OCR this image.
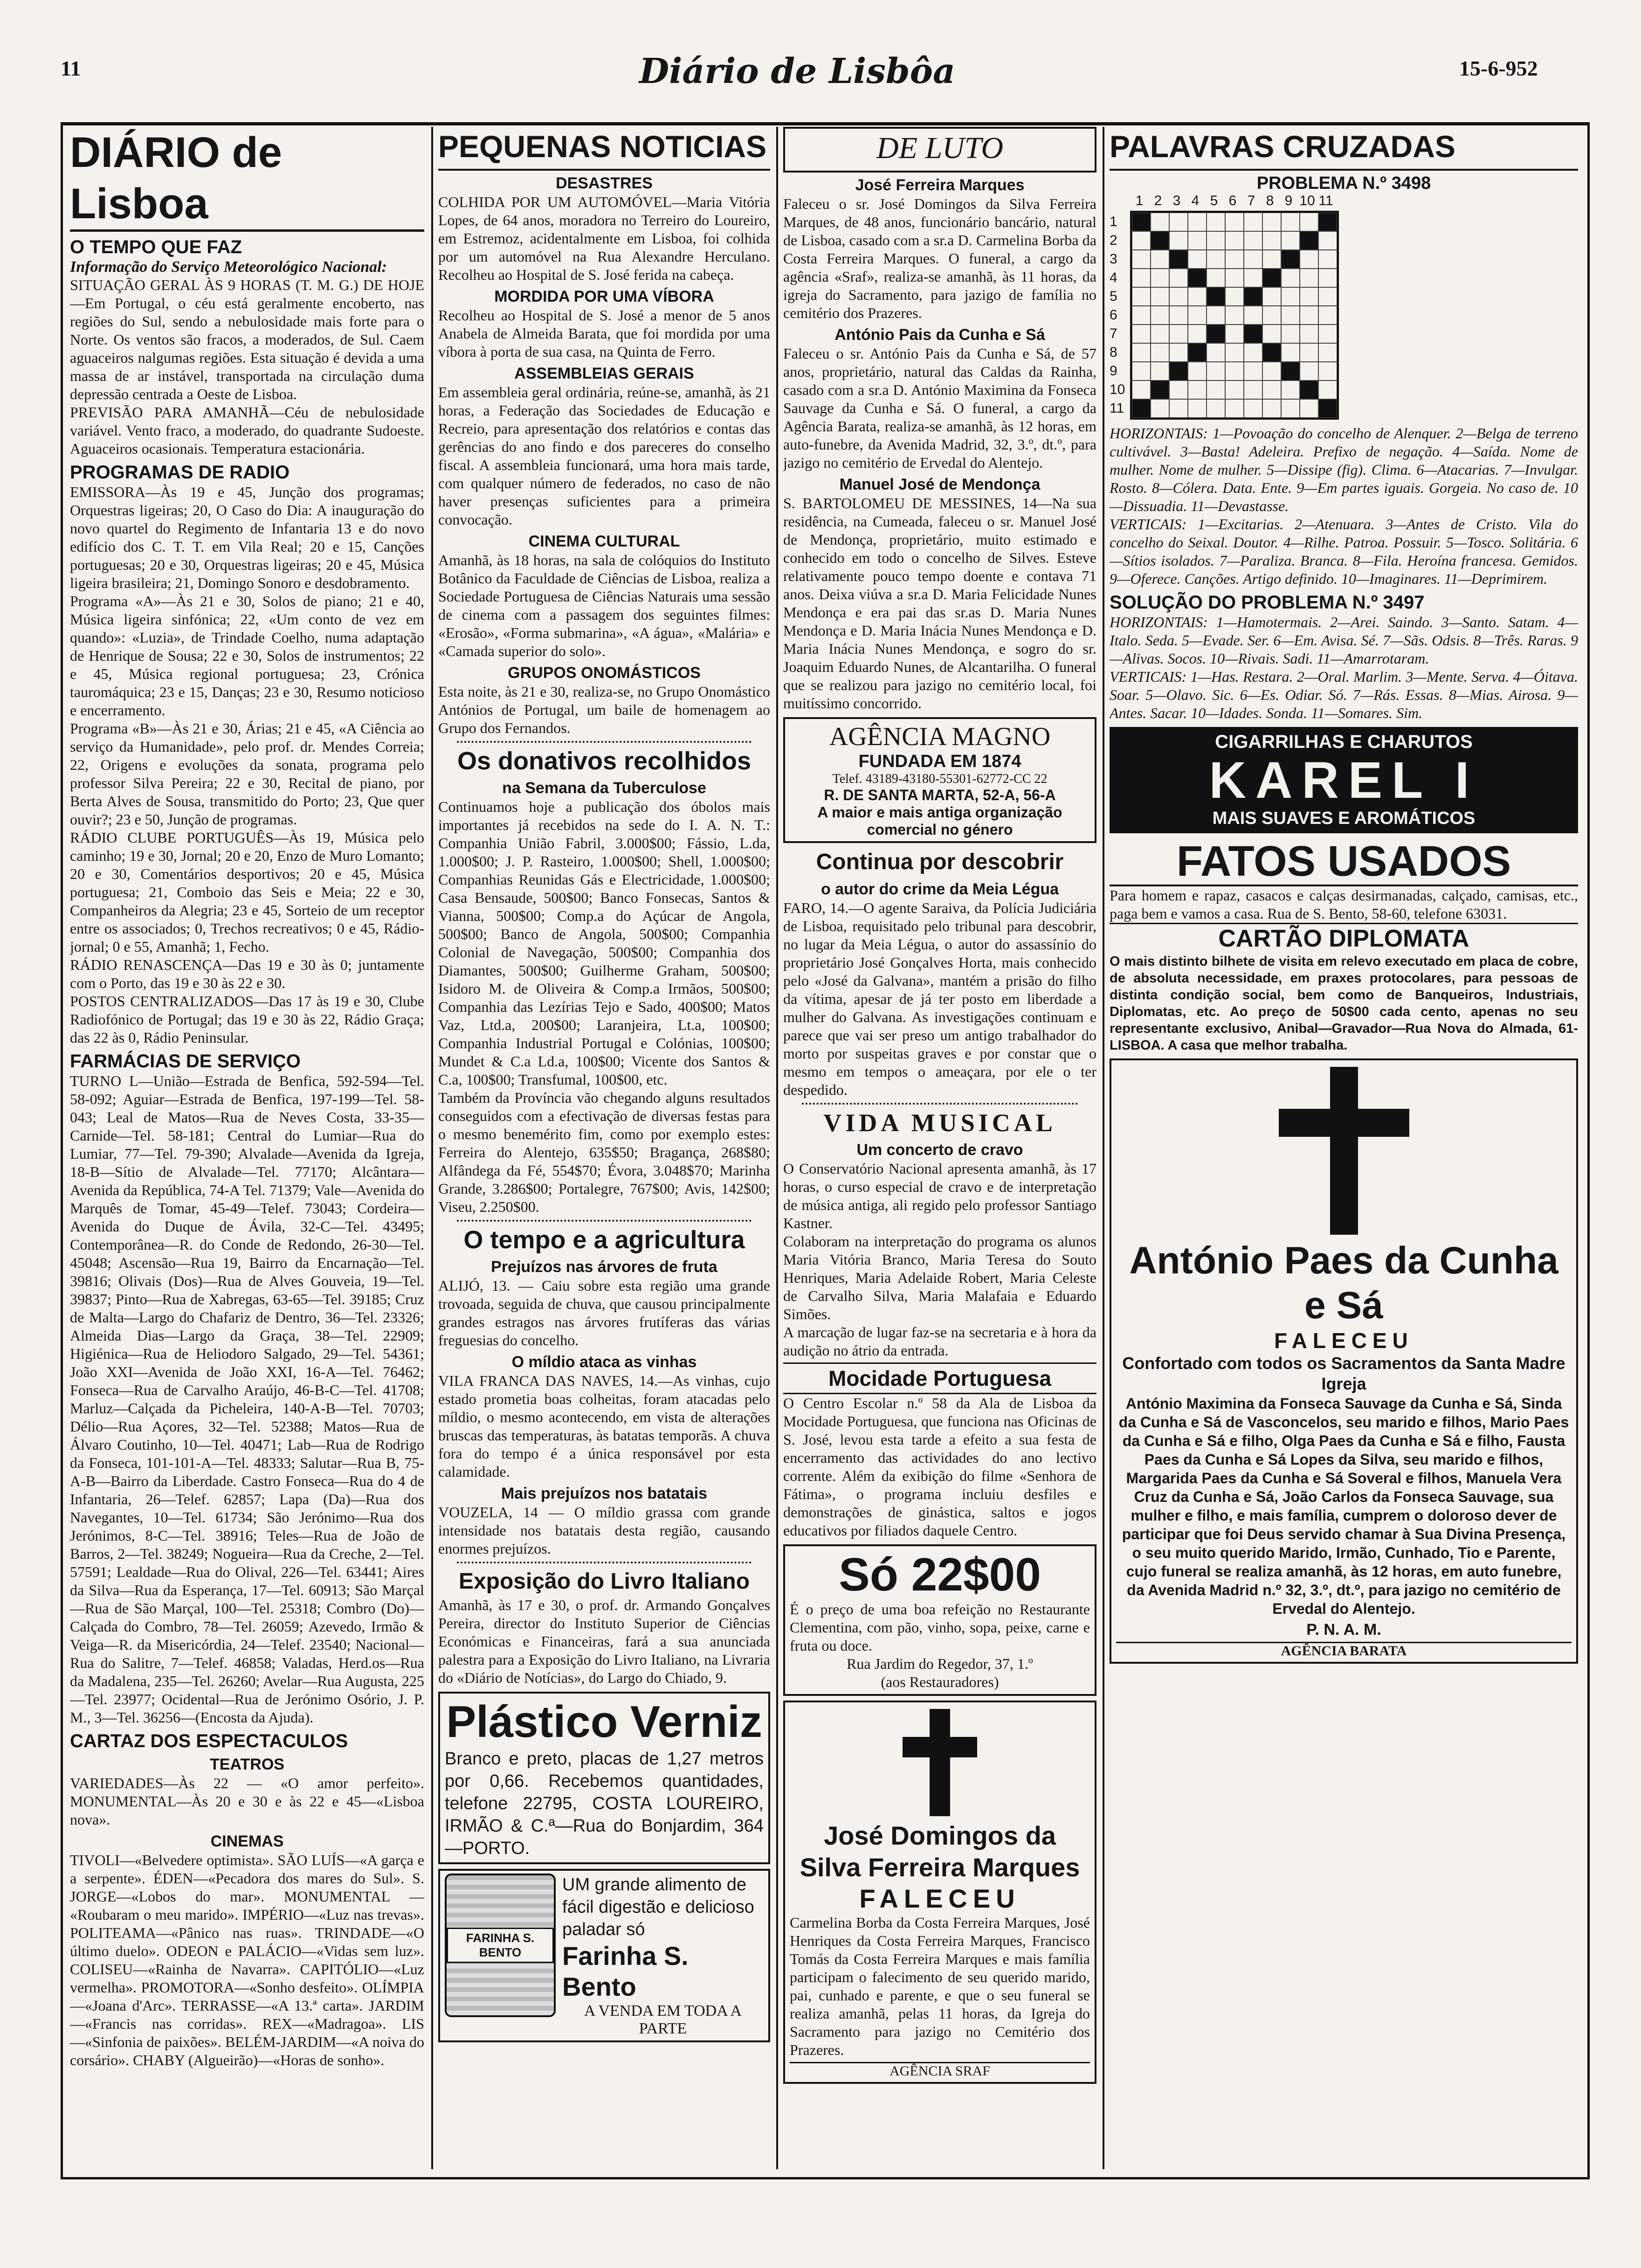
11	Diário de Lisbôa	15-6-952
DIÁRIO de Lisboa
O TEMPO QUE FAZ

Informação do Serviço Meteorológico Nacional:

SITUAÇÃO GERAL ÀS 9 HORAS (T. M. G.) DE HOJE—Em Portugal, o céu está geralmente encoberto, nas regiões do Sul, sendo a nebulosidade mais forte para o Norte. Os ventos são fracos, a moderados, de Sul. Caem aguaceiros nalgumas regiões. Esta situação é devida a uma massa de ar instável, transportada na circulação duma depressão centrada a Oeste de Lisboa.

PREVISÃO PARA AMANHÃ—Céu de nebulosidade variável. Vento fraco, a moderado, do quadrante Sudoeste. Aguaceiros ocasionais. Temperatura estacionária.

PROGRAMAS DE RADIO

EMISSORA—Às 19 e 45, Junção dos programas; Orquestras ligeiras; 20, O Caso do Dia: A inauguração do novo quartel do Regimento de Infantaria 13 e do novo edifício dos C. T. T. em Vila Real; 20 e 15, Canções portuguesas; 20 e 30, Orquestras ligeiras; 20 e 45, Música ligeira brasileira; 21, Domingo Sonoro e desdobramento.

Programa «A»—Às 21 e 30, Solos de piano; 21 e 40, Música ligeira sinfónica; 22, «Um conto de vez em quando»: «Luzia», de Trindade Coelho, numa adaptação de Henrique de Sousa; 22 e 30, Solos de instrumentos; 22 e 45, Música regional portuguesa; 23, Crónica tauromáquica; 23 e 15, Danças; 23 e 30, Resumo noticioso e encerramento.

Programa «B»—Às 21 e 30, Árias; 21 e 45, «A Ciência ao serviço da Humanidade», pelo prof. dr. Mendes Correia; 22, Origens e evoluções da sonata, programa pelo professor Silva Pereira; 22 e 30, Recital de piano, por Berta Alves de Sousa, transmitido do Porto; 23, Que quer ouvir?; 23 e 50, Junção de programas.

RÁDIO CLUBE PORTUGUÊS—Às 19, Música pelo caminho; 19 e 30, Jornal; 20 e 20, Enzo de Muro Lomanto; 20 e 30, Comentários desportivos; 20 e 45, Música portuguesa; 21, Comboio das Seis e Meia; 22 e 30, Companheiros da Alegria; 23 e 45, Sorteio de um receptor entre os associados; 0, Trechos recreativos; 0 e 45, Rádio-jornal; 0 e 55, Amanhã; 1, Fecho.

RÁDIO RENASCENÇA—Das 19 e 30 às 0; juntamente com o Porto, das 19 e 30 às 22 e 30.

POSTOS CENTRALIZADOS—Das 17 às 19 e 30, Clube Radiofónico de Portugal; das 19 e 30 às 22, Rádio Graça; das 22 às 0, Rádio Peninsular.

FARMÁCIAS DE SERVIÇO

TURNO L—União—Estrada de Benfica, 592-594—Tel. 58-092; Aguiar—Estrada de Benfica, 197-199—Tel. 58-043; Leal de Matos—Rua de Neves Costa, 33-35—Carnide—Tel. 58-181; Central do Lumiar—Rua do Lumiar, 77—Tel. 79-390; Alvalade—Avenida da Igreja, 18-B—Sítio de Alvalade—Tel. 77170; Alcântara—Avenida da República, 74-A Tel. 71379; Vale—Avenida do Marquês de Tomar, 45-49—Telef. 73043; Cordeira—Avenida do Duque de Ávila, 32-C—Tel. 43495; Contemporânea—R. do Conde de Redondo, 26-30—Tel. 45048; Ascensão—Rua 19, Bairro da Encarnação—Tel. 39816; Olivais (Dos)—Rua de Alves Gouveia, 19—Tel. 39837; Pinto—Rua de Xabregas, 63-65—Tel. 39185; Cruz de Malta—Largo do Chafariz de Dentro, 36—Tel. 23326; Almeida Dias—Largo da Graça, 38—Tel. 22909; Higiénica—Rua de Heliodoro Salgado, 29—Tel. 54361; João XXI—Avenida de João XXI, 16-A—Tel. 76462; Fonseca—Rua de Carvalho Araújo, 46-B-C—Tel. 41708; Marluz—Calçada da Picheleira, 140-A-B—Tel. 70703; Délio—Rua Açores, 32—Tel. 52388; Matos—Rua de Álvaro Coutinho, 10—Tel. 40471; Lab—Rua de Rodrigo da Fonseca, 101-101-A—Tel. 48333; Salutar—Rua B, 75-A-B—Bairro da Liberdade. Castro Fonseca—Rua do 4 de Infantaria, 26—Telef. 62857; Lapa (Da)—Rua dos Navegantes, 10—Tel. 61734; São Jerónimo—Rua dos Jerónimos, 8-C—Tel. 38916; Teles—Rua de João de Barros, 2—Tel. 38249; Nogueira—Rua da Creche, 2—Tel. 57591; Lealdade—Rua do Olival, 226—Tel. 63441; Aires da Silva—Rua da Esperança, 17—Tel. 60913; São Marçal—Rua de São Marçal, 100—Tel. 25318; Combro (Do)—Calçada do Combro, 78—Tel. 26059; Azevedo, Irmão & Veiga—R. da Misericórdia, 24—Telef. 23540; Nacional—Rua do Salitre, 7—Telef. 46858; Valadas, Herd.os—Rua da Madalena, 235—Tel. 26260; Avelar—Rua Augusta, 225—Tel. 23977; Ocidental—Rua de Jerónimo Osório, J. P. M., 3—Tel. 36256—(Encosta da Ajuda).

CARTAZ DOS ESPECTACULOS
TEATROS

VARIEDADES—Às 22 — «O amor perfeito». MONUMENTAL—Às 20 e 30 e às 22 e 45—«Lisboa nova».

CINEMAS

TIVOLI—«Belvedere optimista». SÃO LUÍS—«A garça e a serpente». ÉDEN—«Pecadora dos mares do Sul». S. JORGE—«Lobos do mar». MONUMENTAL — «Roubaram o meu marido». IMPÉRIO—«Luz nas trevas». POLITEAMA—«Pânico nas ruas». TRINDADE—«O último duelo». ODEON e PALÁCIO—«Vidas sem luz». COLISEU—«Rainha de Navarra». CAPITÓLIO—«Luz vermelha». PROMOTORA—«Sonho desfeito». OLÍMPIA—«Joana d'Arc». TERRASSE—«A 13.ª carta». JARDIM—«Francis nas corridas». REX—«Madragoa». LIS—«Sinfonia de paixões». BELÉM-JARDIM—«A noiva do corsário». CHABY (Algueirão)—«Horas de sonho».

PEQUENAS NOTICIAS
DESASTRES

COLHIDA POR UM AUTOMÓVEL—Maria Vitória Lopes, de 64 anos, moradora no Terreiro do Loureiro, em Estremoz, acidentalmente em Lisboa, foi colhida por um automóvel na Rua Alexandre Herculano. Recolheu ao Hospital de S. José ferida na cabeça.

MORDIDA POR UMA VÍBORA

Recolheu ao Hospital de S. José a menor de 5 anos Anabela de Almeida Barata, que foi mordida por uma víbora à porta de sua casa, na Quinta de Ferro.

ASSEMBLEIAS GERAIS

Em assembleia geral ordinária, reúne-se, amanhã, às 21 horas, a Federação das Sociedades de Educação e Recreio, para apresentação dos relatórios e contas das gerências do ano findo e dos pareceres do conselho fiscal. A assembleia funcionará, uma hora mais tarde, com qualquer número de federados, no caso de não haver presenças suficientes para a primeira convocação.

CINEMA CULTURAL

Amanhã, às 18 horas, na sala de colóquios do Instituto Botânico da Faculdade de Ciências de Lisboa, realiza a Sociedade Portuguesa de Ciências Naturais uma sessão de cinema com a passagem dos seguintes filmes: «Erosão», «Forma submarina», «A água», «Malária» e «Camada superior do solo».

GRUPOS ONOMÁSTICOS

Esta noite, às 21 e 30, realiza-se, no Grupo Onomástico Antónios de Portugal, um baile de homenagem ao Grupo dos Fernandos.

Os donativos recolhidos
na Semana da Tuberculose

Continuamos hoje a publicação dos óbolos mais importantes já recebidos na sede do I. A. N. T.: Companhia União Fabril, 3.000$00; Fássio, L.da, 1.000$00; J. P. Rasteiro, 1.000$00; Shell, 1.000$00; Companhias Reunidas Gás e Electricidade, 1.000$00; Casa Bensaude, 500$00; Banco Fonsecas, Santos & Vianna, 500$00; Comp.a do Açúcar de Angola, 500$00; Banco de Angola, 500$00; Companhia Colonial de Navegação, 500$00; Companhia dos Diamantes, 500$00; Guilherme Graham, 500$00; Isidoro M. de Oliveira & Comp.a Irmãos, 500$00; Companhia das Lezírias Tejo e Sado, 400$00; Matos Vaz, Ltd.a, 200$00; Laranjeira, Lt.a, 100$00; Companhia Industrial Portugal e Colónias, 100$00; Mundet & C.a Ld.a, 100$00; Vicente dos Santos & C.a, 100$00; Transfumal, 100$00, etc.

Também da Província vão chegando alguns resultados conseguidos com a efectivação de diversas festas para o mesmo benemérito fim, como por exemplo estes: Ferreira do Alentejo, 635$50; Bragança, 268$80; Alfândega da Fé, 554$70; Évora, 3.048$70; Marinha Grande, 3.286$00; Portalegre, 767$00; Avis, 142$00; Viseu, 2.250$00.

O tempo e a agricultura
Prejuízos nas árvores de fruta

ALIJÓ, 13. — Caiu sobre esta região uma grande trovoada, seguida de chuva, que causou principalmente grandes estragos nas árvores frutíferas das várias freguesias do concelho.

O míldio ataca as vinhas

VILA FRANCA DAS NAVES, 14.—As vinhas, cujo estado prometia boas colheitas, foram atacadas pelo míldio, o mesmo acontecendo, em vista de alterações bruscas das temperaturas, às batatas temporãs. A chuva fora do tempo é a única responsável por esta calamidade.

Mais prejuízos nos batatais

VOUZELA, 14 — O míldio grassa com grande intensidade nos batatais desta região, causando enormes prejuízos.

Exposição do Livro Italiano

Amanhã, às 17 e 30, o prof. dr. Armando Gonçalves Pereira, director do Instituto Superior de Ciências Económicas e Financeiras, fará a sua anunciada palestra para a Exposição do Livro Italiano, na Livraria do «Diário de Notícias», do Largo do Chiado, 9.

Plástico Verniz

Branco e preto, placas de 1,27 metros por 0,66. Recebemos quantidades, telefone 22795, COSTA LOUREIRO, IRMÃO & C.ª—Rua do Bonjardim, 364—PORTO.

FARINHA S. BENTO

UM grande alimento de fácil digestão e delicioso paladar só

Farinha S. Bento
A VENDA EM TODA A PARTE
DE LUTO
José Ferreira Marques

Faleceu o sr. José Domingos da Silva Ferreira Marques, de 48 anos, funcionário bancário, natural de Lisboa, casado com a sr.a D. Carmelina Borba da Costa Ferreira Marques. O funeral, a cargo da agência «Sraf», realiza-se amanhã, às 11 horas, da igreja do Sacramento, para jazigo de família no cemitério dos Prazeres.

António Pais da Cunha e Sá

Faleceu o sr. António Pais da Cunha e Sá, de 57 anos, proprietário, natural das Caldas da Rainha, casado com a sr.a D. António Maximina da Fonseca Sauvage da Cunha e Sá. O funeral, a cargo da Agência Barata, realiza-se amanhã, às 12 horas, em auto-funebre, da Avenida Madrid, 32, 3.º, dt.º, para jazigo no cemitério de Ervedal do Alentejo.

Manuel José de Mendonça

S. BARTOLOMEU DE MESSINES, 14—Na sua residência, na Cumeada, faleceu o sr. Manuel José de Mendonça, proprietário, muito estimado e conhecido em todo o concelho de Silves. Esteve relativamente pouco tempo doente e contava 71 anos. Deixa viúva a sr.a D. Maria Felicidade Nunes Mendonça e era pai das sr.as D. Maria Nunes Mendonça e D. Maria Inácia Nunes Mendonça e D. Maria Inácia Nunes Mendonça, e sogro do sr. Joaquim Eduardo Nunes, de Alcantarilha. O funeral que se realizou para jazigo no cemitério local, foi muitíssimo concorrido.

AGÊNCIA MAGNO
FUNDADA EM 1874
Telef. 43189-43180-55301-62772-CC 22
R. DE SANTA MARTA, 52-A, 56-A
A maior e mais antiga organização comercial no género
Continua por descobrir
o autor do crime da Meia Légua

FARO, 14.—O agente Saraiva, da Polícia Judiciária de Lisboa, requisitado pelo tribunal para descobrir, no lugar da Meia Légua, o autor do assassínio do proprietário José Gonçalves Horta, mais conhecido pelo «José da Galvana», mantém a prisão do filho da vítima, apesar de já ter posto em liberdade a mulher do Galvana. As investigações continuam e parece que vai ser preso um antigo trabalhador do morto por suspeitas graves e por constar que o mesmo em tempos o ameaçara, por ele o ter despedido.

VIDA MUSICAL
Um concerto de cravo

O Conservatório Nacional apresenta amanhã, às 17 horas, o curso especial de cravo e de interpretação de música antiga, ali regido pelo professor Santiago Kastner.

Colaboram na interpretação do programa os alunos Maria Vitória Branco, Maria Teresa do Souto Henriques, Maria Adelaide Robert, Maria Celeste de Carvalho Silva, Maria Malafaia e Eduardo Simões.

A marcação de lugar faz-se na secretaria e à hora da audição no átrio da entrada.

Mocidade Portuguesa

O Centro Escolar n.º 58 da Ala de Lisboa da Mocidade Portuguesa, que funciona nas Oficinas de S. José, levou esta tarde a efeito a sua festa de encerramento das actividades do ano lectivo corrente. Além da exibição do filme «Senhora de Fátima», o programa incluiu desfiles e demonstrações de ginástica, saltos e jogos educativos por filiados daquele Centro.

Só 22$00

É o preço de uma boa refeição no Restaurante Clementina, com pão, vinho, sopa, peixe, carne e fruta ou doce.

Rua Jardim do Regedor, 37, 1.º

(aos Restauradores)

José Domingos da Silva Ferreira Marques
FALECEU

Carmelina Borba da Costa Ferreira Marques, José Henriques da Costa Ferreira Marques, Francisco Tomás da Costa Ferreira Marques e mais família participam o falecimento de seu querido marido, pai, cunhado e parente, e que o seu funeral se realiza amanhã, pelas 11 horas, da Igreja do Sacramento para jazigo no Cemitério dos Prazeres.

AGÊNCIA SRAF
PALAVRAS CRUZADAS
PROBLEMA N.º 3498
1 2 3 4 5 6 7 8 9 10 11
1
2
3
4
5
6
7
8
9
10
11

HORIZONTAIS: 1—Povoação do concelho de Alenquer. 2—Belga de terreno cultivável. 3—Basta! Adeleira. Prefixo de negação. 4—Saída. Nome de mulher. Nome de mulher. 5—Dissipe (fig). Clima. 6—Atacarias. 7—Invulgar. Rosto. 8—Cólera. Data. Ente. 9—Em partes iguais. Gorgeia. No caso de. 10—Dissuadia. 11—Devastasse.

VERTICAIS: 1—Excitarias. 2—Atenuara. 3—Antes de Cristo. Vila do concelho do Seixal. Doutor. 4—Rilhe. Patroa. Possuir. 5—Tosco. Solitária. 6—Sítios isolados. 7—Paraliza. Branca. 8—Fila. Heroína francesa. Gemidos. 9—Oferece. Canções. Artigo definido. 10—Imaginares. 11—Deprimirem.

SOLUÇÃO DO PROBLEMA N.º 3497

HORIZONTAIS: 1—Hamotermais. 2—Arei. Saindo. 3—Santo. Satam. 4—Italo. Seda. 5—Evade. Ser. 6—Em. Avisa. Sé. 7—Sãs. Odsis. 8—Três. Raras. 9—Alivas. Socos. 10—Rivais. Sadi. 11—Amarrotaram.

VERTICAIS: 1—Has. Restara. 2—Oral. Marlim. 3—Mente. Serva. 4—Óitava. Soar. 5—Olavo. Sic. 6—Es. Odiar. Só. 7—Rás. Essas. 8—Mias. Airosa. 9—Antes. Sacar. 10—Idades. Sonda. 11—Somares. Sim.

CIGARRILHAS E CHARUTOS
KAREL I
MAIS SUAVES E AROMÁTICOS
FATOS USADOS

Para homem e rapaz, casacos e calças desirmanadas, calçado, camisas, etc., paga bem e vamos a casa. Rua de S. Bento, 58-60, telefone 63031.

CARTÃO DIPLOMATA

O mais distinto bilhete de visita em relevo executado em placa de cobre, de absoluta necessidade, em praxes protocolares, para pessoas de distinta condição social, bem como de Banqueiros, Industriais, Diplomatas, etc. Ao preço de 50$00 cada cento, apenas no seu representante exclusivo, Anibal—Gravador—Rua Nova do Almada, 61-LISBOA. A casa que melhor trabalha.

António Paes da Cunha e Sá
FALECEU
Confortado com todos os Sacramentos da Santa Madre Igreja

António Maximina da Fonseca Sauvage da Cunha e Sá, Sinda da Cunha e Sá de Vasconcelos, seu marido e filhos, Mario Paes da Cunha e Sá e filho, Olga Paes da Cunha e Sá e filho, Fausta Paes da Cunha e Sá Lopes da Silva, seu marido e filhos, Margarida Paes da Cunha e Sá Soveral e filhos, Manuela Vera Cruz da Cunha e Sá, João Carlos da Fonseca Sauvage, sua mulher e filho, e mais família, cumprem o doloroso dever de participar que foi Deus servido chamar à Sua Divina Presença, o seu muito querido Marido, Irmão, Cunhado, Tio e Parente, cujo funeral se realiza amanhã, às 12 horas, em auto funebre, da Avenida Madrid n.º 32, 3.º, dt.º, para jazigo no cemitério de Ervedal do Alentejo.

P. N. A. M.
AGÊNCIA BARATA
